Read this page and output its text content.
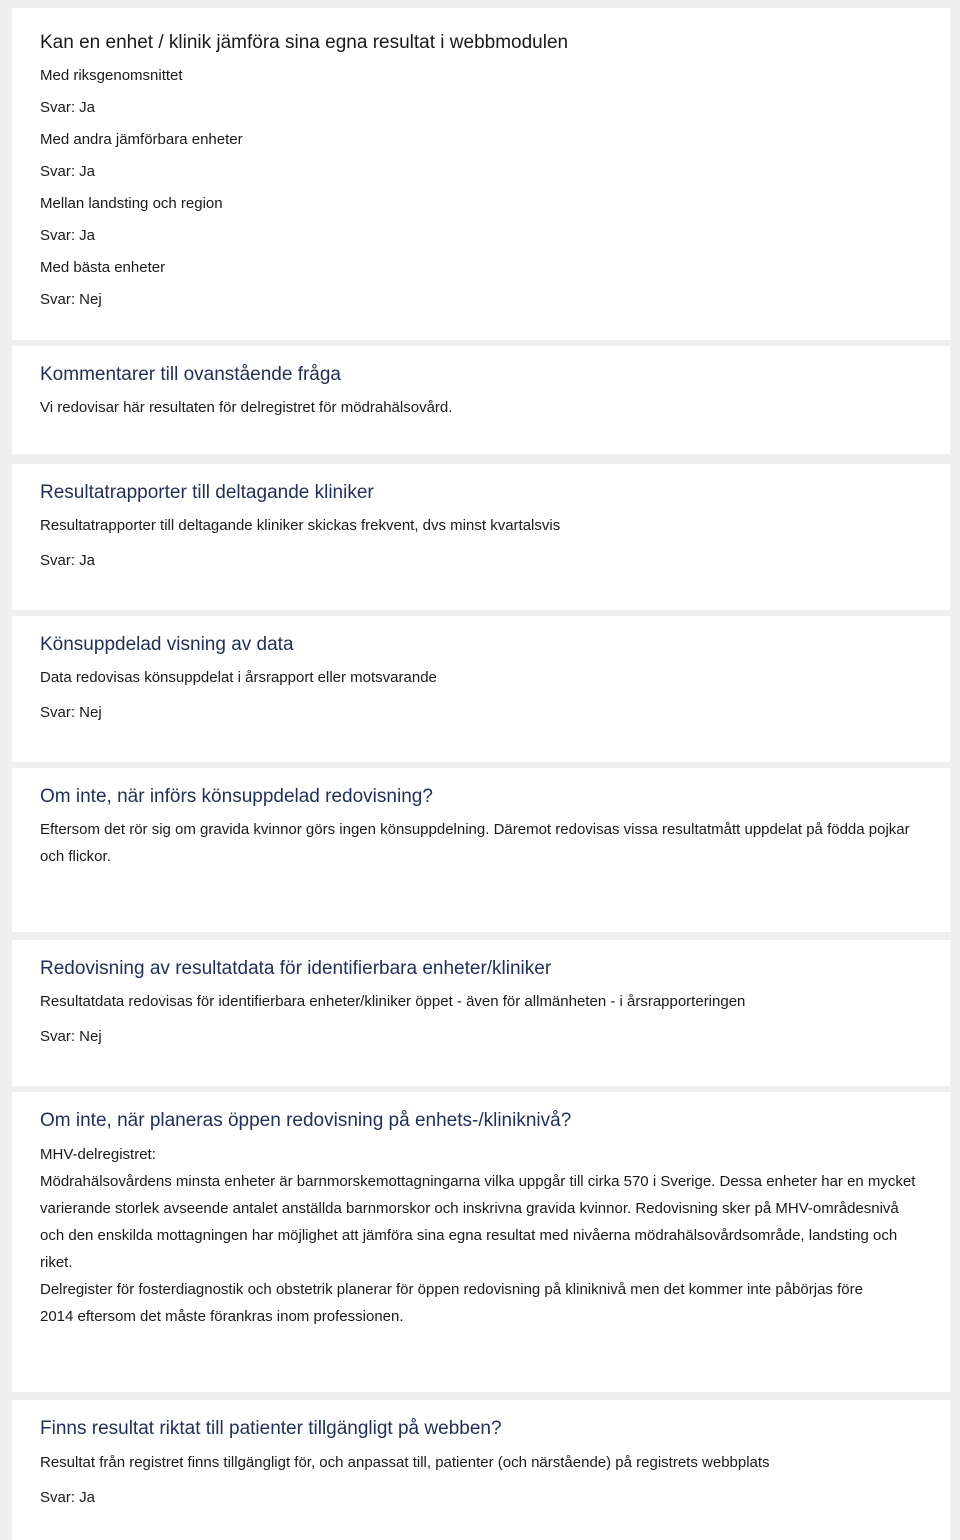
Kan en enhet / klinik jämföra sina egna resultat i webbmodulen
Med riksgenomsnittet
Svar: Ja
Med andra jämförbara enheter
Svar: Ja
Mellan landsting och region
Svar: Ja
Med bästa enheter
Svar: Nej
Kommentarer till ovanstående fråga
Vi redovisar här resultaten för delregistret för mödrahälsovård.
Resultatrapporter till deltagande kliniker
Resultatrapporter till deltagande kliniker skickas frekvent, dvs minst kvartalsvis
Svar: Ja
Könsuppdelad visning av data
Data redovisas könsuppdelat i årsrapport eller motsvarande
Svar: Nej
Om inte, när införs könsuppdelad redovisning?
Eftersom det rör sig om gravida kvinnor görs ingen könsuppdelning. Däremot redovisas vissa resultatmått uppdelat på födda pojkar och flickor.
Redovisning av resultatdata för identifierbara enheter/kliniker
Resultatdata redovisas för identifierbara enheter/kliniker öppet - även för allmänheten - i årsrapporteringen
Svar: Nej
Om inte, när planeras öppen redovisning på enhets-/kliniknivå?
MHV-delregistret:
Mödrahälsovårdens minsta enheter är barnmorskemottagningarna vilka uppgår till cirka 570 i Sverige. Dessa enheter har en mycket varierande storlek avseende antalet anställda barnmorskor och inskrivna gravida kvinnor. Redovisning sker på MHV-områdesnivå och den enskilda mottagningen har möjlighet att jämföra sina egna resultat med nivåerna mödrahälsovårdsområde, landsting och riket.
Delregister för fosterdiagnostik och obstetrik planerar för öppen redovisning på kliniknivå men det kommer inte påbörjas före 2014 eftersom det måste förankras inom professionen.
Finns resultat riktat till patienter tillgängligt på webben?
Resultat från registret finns tillgängligt för, och anpassat till, patienter (och närstående) på registrets webbplats
Svar: Ja
